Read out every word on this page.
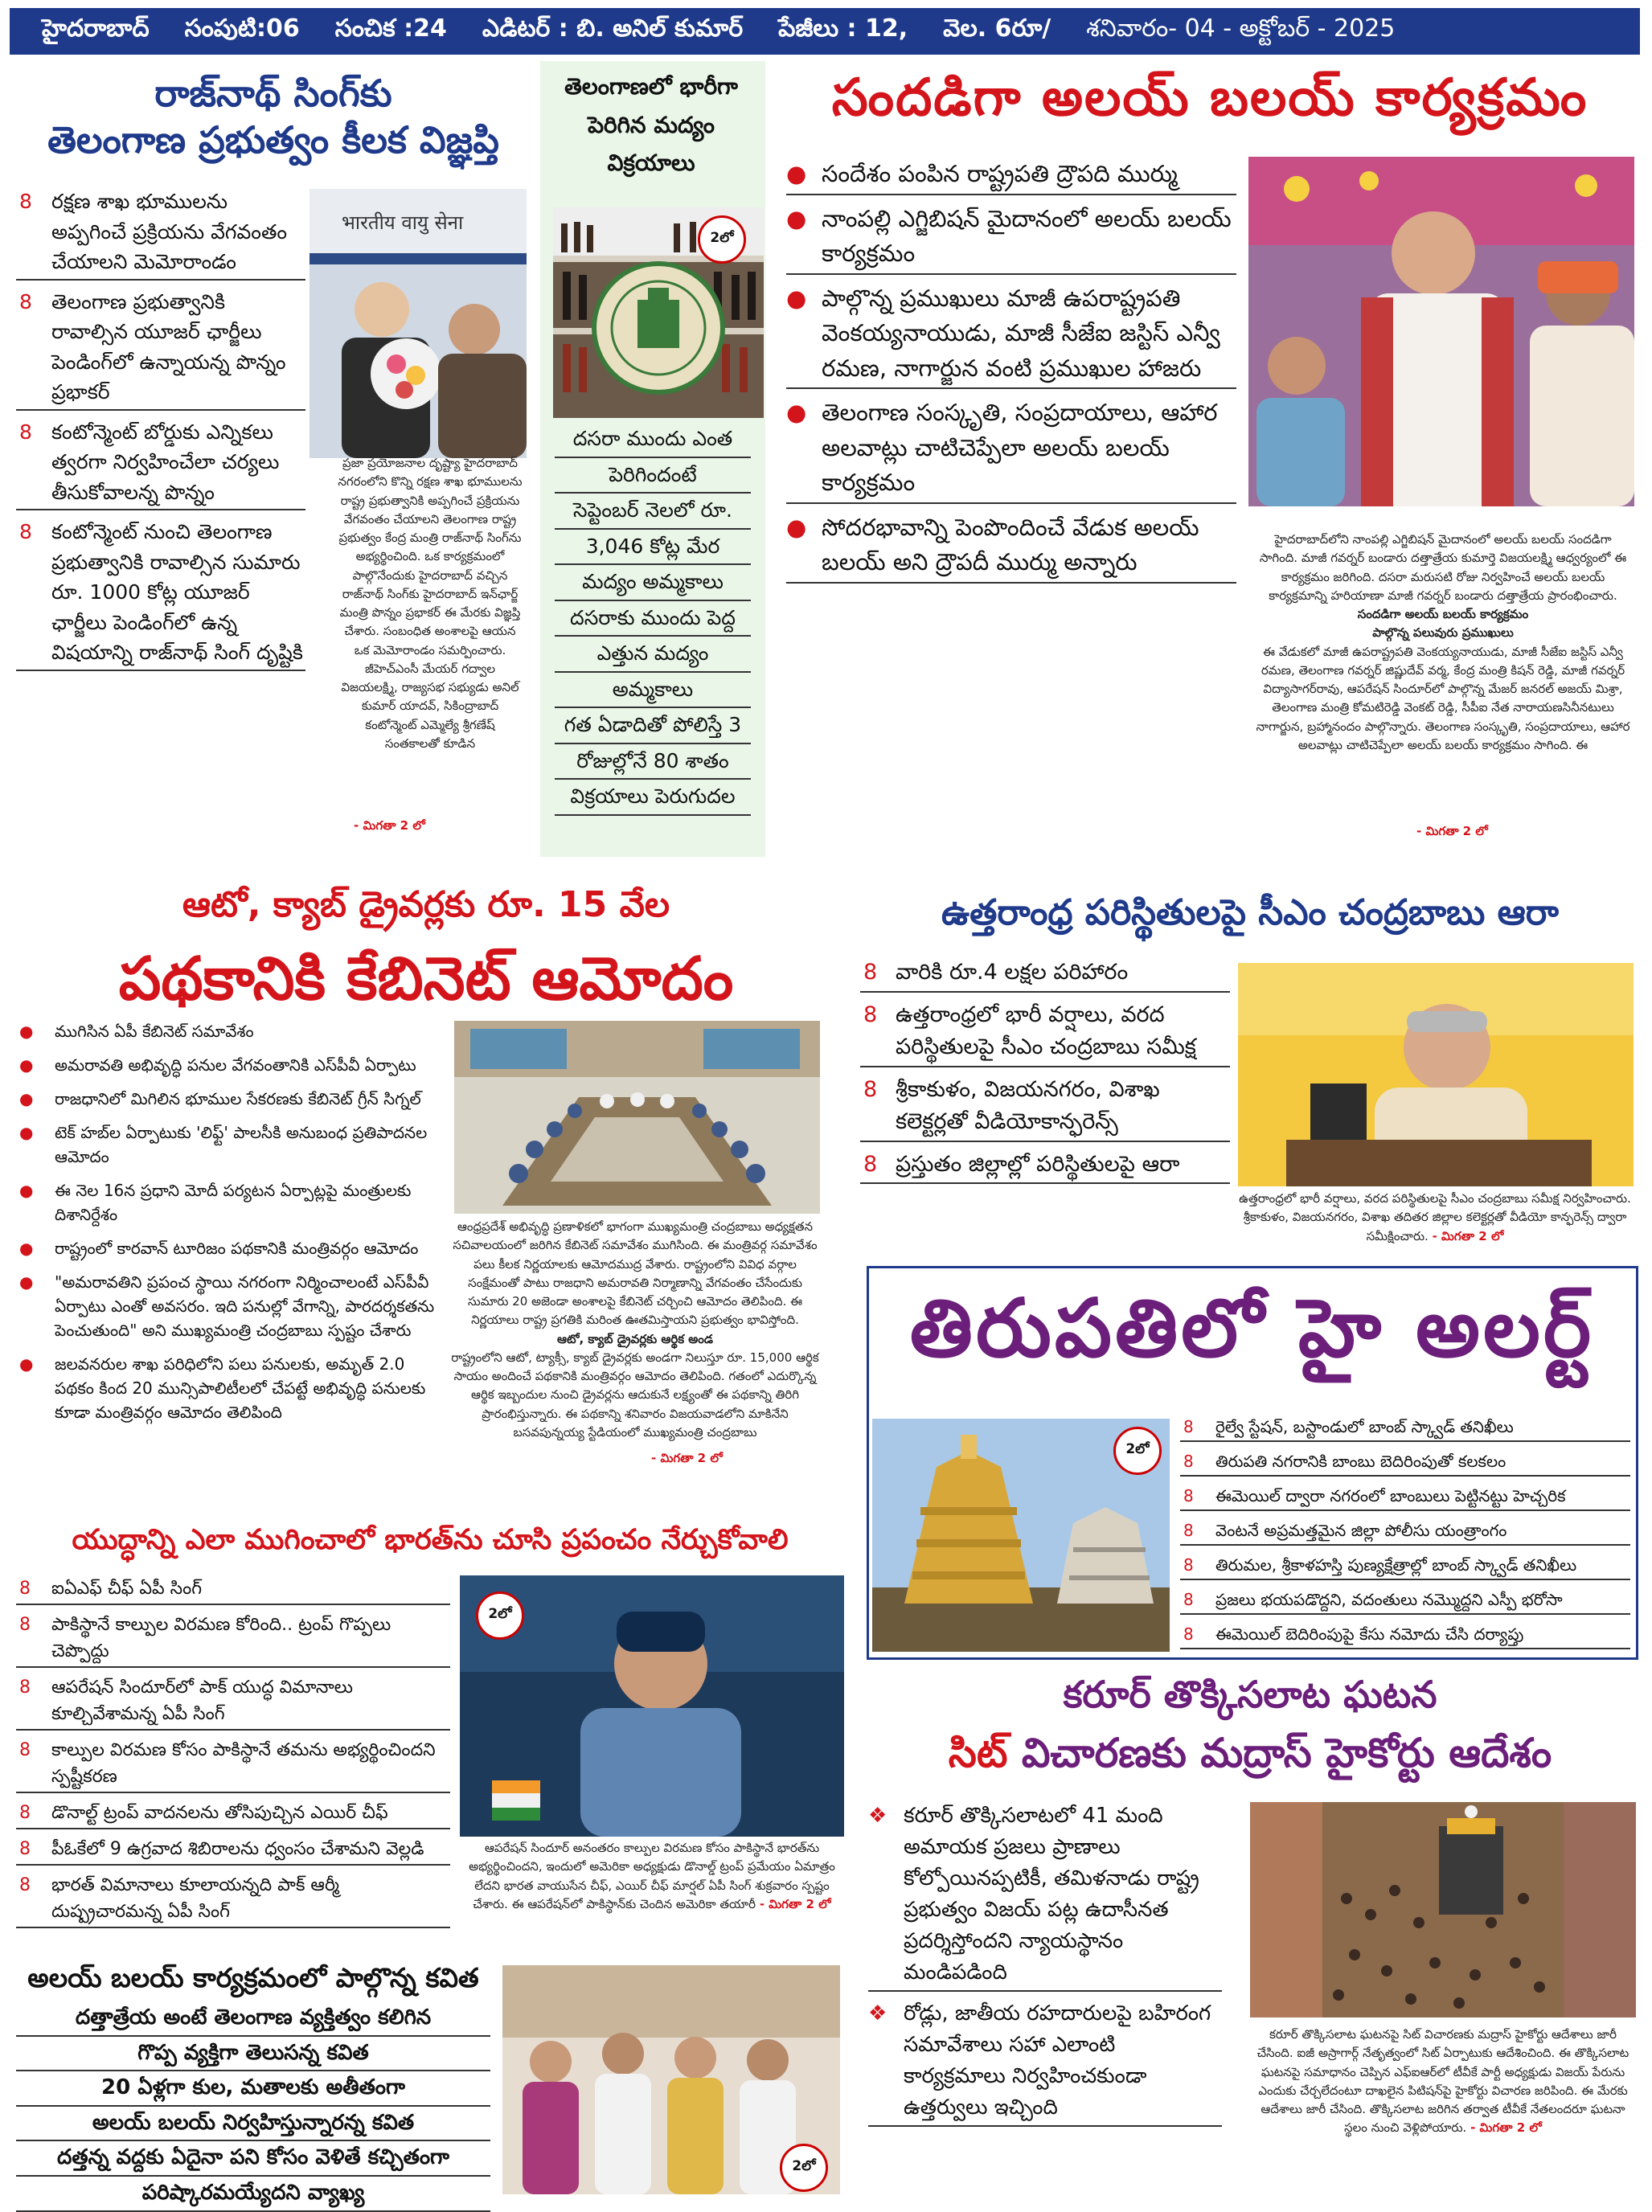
హైదరాబాద్ సంపుటి:06 సంచిక :24 ఎడిటర్ : బి. అనిల్ కుమార్ పేజీలు : 12, వెల. 6రూ/ శనివారం- 04 - అక్టోబర్ - 2025
రాజ్‌నాథ్ సింగ్‌కు
తెలంగాణ ప్రభుత్వం కీలక విజ్ఞప్తి
8 రక్షణ శాఖ భూములను అప్పగించే ప్రక్రియను వేగవంతం చేయాలని మెమోరాండం
8 తెలంగాణ ప్రభుత్వానికి రావాల్సిన యూజర్ ఛార్జీలు పెండింగ్‌లో ఉన్నాయన్న పొన్నం ప్రభాకర్
8 కంటోన్మెంట్ బోర్డుకు ఎన్నికలు త్వరగా నిర్వహించేలా చర్యలు తీసుకోవాలన్న పొన్నం
8 కంటోన్మెంట్ నుంచి తెలంగాణ ప్రభుత్వానికి రావాల్సిన సుమారు రూ. 1000 కోట్ల యూజర్ ఛార్జీలు పెండింగ్‌లో ఉన్న విషయాన్ని రాజ్‌నాథ్ సింగ్ దృష్టికి
भारतीय वायु सेना
ప్రజా ప్రయోజనాల దృష్ట్యా హైదరాబాద్ నగరంలోని కొన్ని రక్షణ శాఖ భూములను రాష్ట్ర ప్రభుత్వానికి అప్పగించే ప్రక్రియను వేగవంతం చేయాలని తెలంగాణ రాష్ట్ర ప్రభుత్వం కేంద్ర మంత్రి రాజ్‌నాథ్ సింగ్‌ను అభ్యర్థించింది. ఒక కార్యక్రమంలో పాల్గొనేందుకు హైదరాబాద్ వచ్చిన రాజ్‌నాథ్ సింగ్‌కు హైదరాబాద్ ఇన్‌ఛార్జ్ మంత్రి పొన్నం ప్రభాకర్ ఈ మేరకు విజ్ఞప్తి చేశారు. సంబంధిత అంశాలపై ఆయన ఒక మెమోరాండం సమర్పించారు. జీహెచ్ఎంసీ మేయర్ గద్వాల విజయలక్ష్మి, రాజ్యసభ సభ్యుడు అనిల్ కుమార్ యాదవ్, సికింద్రాబాద్ కంటోన్మెంట్ ఎమ్మెల్యే శ్రీగణేష్ సంతకాలతో కూడిన
- మిగతా 2 లో
తెలంగాణలో భారీగా పెరిగిన మద్యం విక్రయాలు
2లో
దసరా ముందు ఎంత
పెరిగిందంటే
సెప్టెంబర్ నెలలో రూ.
3,046 కోట్ల మేర
మద్యం అమ్మకాలు
దసరాకు ముందు పెద్ద
ఎత్తున మద్యం
అమ్మకాలు
గత ఏడాదితో పోలిస్తే 3
రోజుల్లోనే 80 శాతం
విక్రయాలు పెరుగుదల
సందడిగా అలయ్ బలయ్ కార్యక్రమం
● సందేశం పంపిన రాష్ట్రపతి ద్రౌపది ముర్ము
● నాంపల్లి ఎగ్జిబిషన్ మైదానంలో అలయ్ బలయ్ కార్యక్రమం
● పాల్గొన్న ప్రముఖులు మాజీ ఉపరాష్ట్రపతి వెంకయ్యనాయుడు, మాజీ సీజేఐ జస్టిస్ ఎన్వీ రమణ, నాగార్జున వంటి ప్రముఖుల హాజరు
● తెలంగాణ సంస్కృతి, సంప్రదాయాలు, ఆహార అలవాట్లు చాటిచెప్పేలా అలయ్ బలయ్ కార్యక్రమం
● సోదరభావాన్ని పెంపొందించే వేడుక అలయ్ బలయ్ అని ద్రౌపదీ ముర్ము అన్నారు
హైదరాబాద్‌లోని నాంపల్లి ఎగ్జిబిషన్ మైదానంలో అలయ్ బలయ్ సందడిగా సాగింది. మాజీ గవర్నర్ బండారు దత్తాత్రేయ కుమార్తె విజయలక్ష్మి ఆధ్వర్యంలో ఈ కార్యక్రమం జరిగింది. దసరా మరుసటి రోజు నిర్వహించే అలయ్ బలయ్ కార్యక్రమాన్ని హరియాణా మాజీ గవర్నర్ బండారు దత్తాత్రేయ ప్రారంభించారు.
సందడిగా అలయ్ బలయ్ కార్యక్రమం
పాల్గొన్న పలువురు ప్రముఖులు
ఈ వేడుకలో మాజీ ఉపరాష్ట్రపతి వెంకయ్యనాయుడు, మాజీ సీజేఐ జస్టిస్ ఎన్వీ రమణ, తెలంగాణ గవర్నర్ జిష్ణుదేవ్ వర్మ, కేంద్ర మంత్రి కిషన్ రెడ్డి, మాజీ గవర్నర్ విద్యాసాగర్‌రావు, ఆపరేషన్ సిందూర్‌లో పాల్గొన్న మేజర్ జనరల్ అజయ్ మిశ్రా, తెలంగాణ మంత్రి కోమటిరెడ్డి వెంకట్ రెడ్డి, సీపీఐ నేత నారాయణసినీనటులు నాగార్జున, బ్రహ్మానందం పాల్గొన్నారు. తెలంగాణ సంస్కృతి, సంప్రదాయాలు, ఆహార అలవాట్లు చాటిచెప్పేలా అలయ్ బలయ్ కార్యక్రమం సాగింది. ఈ
- మిగతా 2 లో
ఆటో, క్యాబ్ డ్రైవర్లకు రూ. 15 వేల
పథకానికి కేబినెట్ ఆమోదం
● ముగిసిన ఏపీ కేబినెట్ సమావేశం
● అమరావతి అభివృద్ధి పనుల వేగవంతానికి ఎస్‌పీవీ ఏర్పాటు
● రాజధానిలో మిగిలిన భూముల సేకరణకు కేబినెట్ గ్రీన్ సిగ్నల్
● టెక్ హబ్‌ల ఏర్పాటుకు 'లిఫ్ట్' పాలసీకి అనుబంధ ప్రతిపాదనల ఆమోదం
● ఈ నెల 16న ప్రధాని మోదీ పర్యటన ఏర్పాట్లపై మంత్రులకు దిశానిర్దేశం
● రాష్ట్రంలో కారవాన్ టూరిజం పథకానికి మంత్రివర్గం ఆమోదం
● "అమరావతిని ప్రపంచ స్థాయి నగరంగా నిర్మించాలంటే ఎస్‌పీవీ ఏర్పాటు ఎంతో అవసరం. ఇది పనుల్లో వేగాన్ని, పారదర్శకతను పెంచుతుంది" అని ముఖ్యమంత్రి చంద్రబాబు స్పష్టం చేశారు
● జలవనరుల శాఖ పరిధిలోని పలు పనులకు, అమృత్ 2.0 పథకం కింద 20 మున్సిపాలిటీలలో చేపట్టే అభివృద్ధి పనులకు కూడా మంత్రివర్గం ఆమోదం తెలిపింది
ఆంధ్రప్రదేశ్ అభివృద్ధి ప్రణాళికలో భాగంగా ముఖ్యమంత్రి చంద్రబాబు అధ్యక్షతన సచివాలయంలో జరిగిన కేబినెట్ సమావేశం ముగిసింది. ఈ మంత్రివర్గ సమావేశం పలు కీలక నిర్ణయాలకు ఆమోదముద్ర వేశారు. రాష్ట్రంలోని వివిధ వర్గాల సంక్షేమంతో పాటు రాజధాని అమరావతి నిర్మాణాన్ని వేగవంతం చేసేందుకు సుమారు 20 అజెండా అంశాలపై కేబినెట్ చర్చించి ఆమోదం తెలిపింది. ఈ నిర్ణయాలు రాష్ట్ర ప్రగతికి మరింత ఊతమిస్తాయని ప్రభుత్వం భావిస్తోంది.
ఆటో, క్యాబ్ డ్రైవర్లకు ఆర్థిక అండ
రాష్ట్రంలోని ఆటో, ట్యాక్సీ, క్యాబ్ డ్రైవర్లకు అండగా నిలుస్తూ రూ. 15,000 ఆర్థిక సాయం అందించే పథకానికి మంత్రివర్గం ఆమోదం తెలిపింది. గతంలో ఎదుర్కొన్న ఆర్థిక ఇబ్బందుల నుంచి డ్రైవర్లను ఆదుకునే లక్ష్యంతో ఈ పథకాన్ని తిరిగి ప్రారంభిస్తున్నారు. ఈ పథకాన్ని శనివారం విజయవాడలోని మాకినేని బసవపున్నయ్య స్టేడియంలో ముఖ్యమంత్రి చంద్రబాబు
- మిగతా 2 లో
ఉత్తరాంధ్ర పరిస్థితులపై సీఎం చంద్రబాబు ఆరా
8 వారికి రూ.4 లక్షల పరిహారం
8 ఉత్తరాంధ్రలో భారీ వర్షాలు, వరద పరిస్థితులపై సీఎం చంద్రబాబు సమీక్ష
8 శ్రీకాకుళం, విజయనగరం, విశాఖ కలెక్టర్లతో వీడియోకాన్ఫరెన్స్
8 ప్రస్తుతం జిల్లాల్లో పరిస్థితులపై ఆరా
ఉత్తరాంధ్రలో భారీ వర్షాలు, వరద పరిస్థితులపై సీఎం చంద్రబాబు సమీక్ష నిర్వహించారు. శ్రీకాకుళం, విజయనగరం, విశాఖ తదితర జిల్లాల కలెక్టర్లతో వీడియో కాన్ఫరెన్స్ ద్వారా సమీక్షించారు. - మిగతా 2 లో
తిరుపతిలో హై అలర్ట్
2లో
8 రైల్వే స్టేషన్, బస్టాండులో బాంబ్ స్క్వాడ్ తనిఖీలు
8 తిరుపతి నగరానికి బాంబు బెదిరింపుతో కలకలం
8 ఈమెయిల్ ద్వారా నగరంలో బాంబులు పెట్టినట్టు హెచ్చరిక
8 వెంటనే అప్రమత్తమైన జిల్లా పోలీసు యంత్రాంగం
8 తిరుమల, శ్రీకాళహస్తి పుణ్యక్షేత్రాల్లో బాంబ్ స్క్వాడ్ తనిఖీలు
8 ప్రజలు భయపడొద్దని, వదంతులు నమ్మొద్దని ఎస్పీ భరోసా
8 ఈమెయిల్ బెదిరింపుపై కేసు నమోదు చేసి దర్యాప్తు
యుద్ధాన్ని ఎలా ముగించాలో భారత్‌ను చూసి ప్రపంచం నేర్చుకోవాలి
8 ఐఏఎఫ్ చీఫ్ ఏపీ సింగ్
8 పాకిస్థానే కాల్పుల విరమణ కోరింది.. ట్రంప్ గొప్పలు చెప్పొద్దు
8 ఆపరేషన్ సిందూర్‌లో పాక్ యుద్ధ విమానాలు కూల్చివేశామన్న ఏపీ సింగ్
8 కాల్పుల విరమణ కోసం పాకిస్థానే తమను అభ్యర్థించిందని స్పష్టీకరణ
8 డొనాల్ట్ ట్రంప్ వాదనలను తోసిపుచ్చిన ఎయిర్ చీఫ్
8 పీఓకేలో 9 ఉగ్రవాద శిబిరాలను ధ్వంసం చేశామని వెల్లడి
8 భారత్ విమానాలు కూలాయన్నది పాక్ ఆర్మీ దుష్ప్రచారమన్న ఏపీ సింగ్
2లో
ఆపరేషన్ సిందూర్ అనంతరం కాల్పుల విరమణ కోసం పాకిస్థానే భారత్‌ను అభ్యర్థించిందని, ఇందులో అమెరికా అధ్యక్షుడు డొనాల్డ్ ట్రంప్ ప్రమేయం ఏమాత్రం లేదని భారత వాయుసేన చీఫ్, ఎయిర్ చీఫ్ మార్షల్ ఏపీ సింగ్ శుక్రవారం స్పష్టం చేశారు. ఈ ఆపరేషన్‌లో పాకిస్థాన్‌కు చెందిన అమెరికా తయారీ - మిగతా 2 లో
అలయ్ బలయ్ కార్యక్రమంలో పాల్గొన్న కవిత
దత్తాత్రేయ అంటే తెలంగాణ వ్యక్తిత్వం కలిగిన
గొప్ప వ్యక్తిగా తెలుసన్న కవిత
20 ఏళ్లగా కుల, మతాలకు అతీతంగా
అలయ్ బలయ్ నిర్వహిస్తున్నారన్న కవిత
దత్తన్న వద్దకు ఏదైనా పని కోసం వెళితే కచ్చితంగా
పరిష్కారమయ్యేదని వ్యాఖ్య
2లో
కరూర్ తొక్కిసలాట ఘటన
సిట్ విచారణకు మద్రాస్ హైకోర్టు ఆదేశం
❖ కరూర్ తొక్కిసలాటలో 41 మంది అమాయక ప్రజలు ప్రాణాలు కోల్పోయినప్పటికీ, తమిళనాడు రాష్ట్ర ప్రభుత్వం విజయ్ పట్ల ఉదాసీనత ప్రదర్శిస్తోందని న్యాయస్థానం మండిపడింది
❖ రోడ్లు, జాతీయ రహదారులపై బహిరంగ సమావేశాలు సహా ఎలాంటి కార్యక్రమాలు నిర్వహించకుండా ఉత్తర్వులు ఇచ్చింది
కరూర్ తొక్కిసలాట ఘటనపై సిట్ విచారణకు మద్రాస్ హైకోర్టు ఆదేశాలు జారీ చేసింది. ఐజీ అస్రాగార్గ్ నేతృత్వంలో సిట్ ఏర్పాటుకు ఆదేశించింది. ఈ తొక్కిసలాట ఘటనపై సమాధానం చెప్పిన ఎఫ్ఐఆర్‌లో టీవీకే పార్టీ అధ్యక్షుడు విజయ్ పేరును ఎందుకు చేర్చలేదంటూ దాఖలైన పిటిషన్‌పై హైకోర్టు విచారణ జరిపింది. ఈ మేరకు ఆదేశాలు జారీ చేసింది. తొక్కిసలాట జరిగిన తర్వాత టీవీకే నేతలందరూ ఘటనా స్థలం నుంచి వెళ్లిపోయారు. - మిగతా 2 లో
